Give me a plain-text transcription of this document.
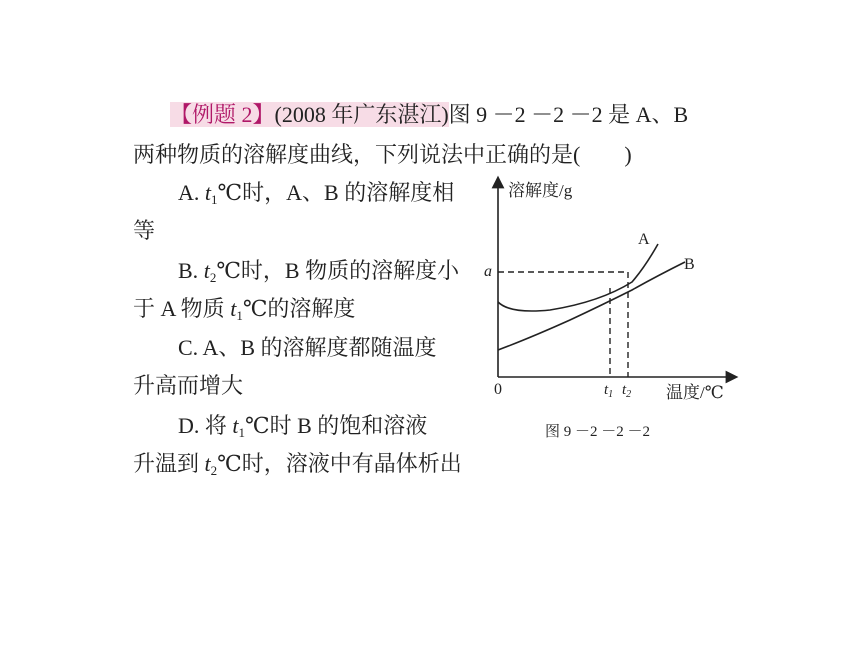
【例题 2】(2008 年广东湛江)图 9 －2 －2 －2 是 A、B
两种物质的溶解度曲线，下列说法中正确的是(　　)
A. $t_1℃$时，A、B 的溶解度相
等
B. $t_2℃$时，B 物质的溶解度小
于 A 物质 $t_1℃$的溶解度
C. A、B 的溶解度都随温度
升高而增大
D. 将 $t_1℃$时 B 的饱和溶液
升温到 $t_2℃$时，溶液中有晶体析出
溶解度/g
温度/℃
0
a
A
B
$t_1$ $t_2$
图 9 －2 －2 －2
